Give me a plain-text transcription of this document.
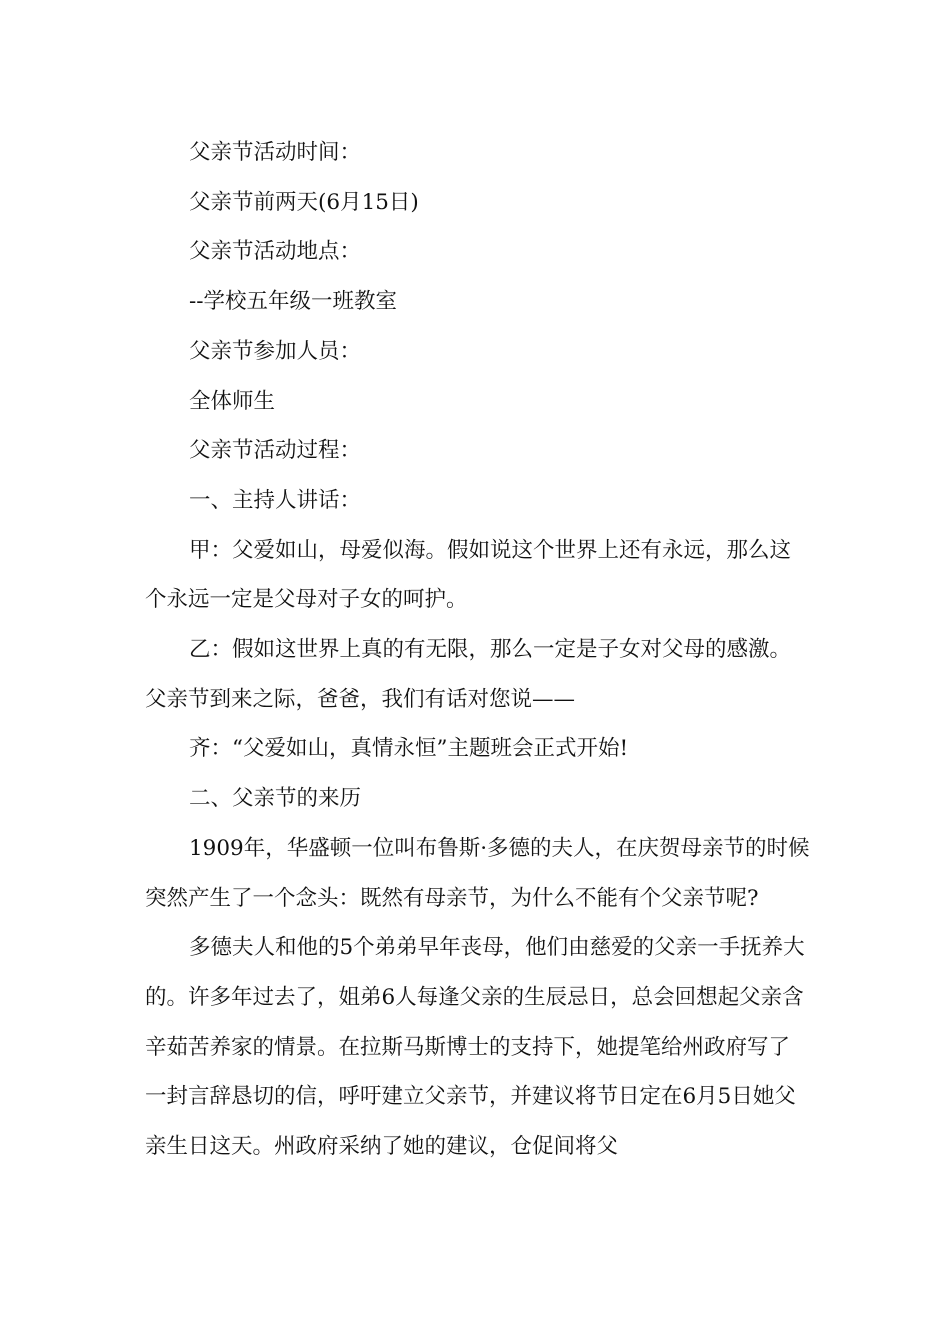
父亲节活动时间：

父亲节前两天(6月15日)

父亲节活动地点：

--学校五年级一班教室

父亲节参加人员：

全体师生

父亲节活动过程：

一、主持人讲话：

甲：父爱如山，母爱似海。假如说这个世界上还有永远，那么这个永远一定是父母对子女的呵护。

乙：假如这世界上真的有无限，那么一定是子女对父母的感激。父亲节到来之际，爸爸，我们有话对您说——

齐：“父爱如山，真情永恒”主题班会正式开始!

二、父亲节的来历

1909年，华盛顿一位叫布鲁斯·多德的夫人，在庆贺母亲节的时候突然产生了一个念头：既然有母亲节，为什么不能有个父亲节呢?

多德夫人和他的5个弟弟早年丧母，他们由慈爱的父亲一手抚养大的。许多年过去了，姐弟6人每逢父亲的生辰忌日，总会回想起父亲含辛茹苦养家的情景。在拉斯马斯博士的支持下，她提笔给州政府写了一封言辞恳切的信，呼吁建立父亲节，并建议将节日定在6月5日她父亲生日这天。州政府采纳了她的建议，仓促间将父
